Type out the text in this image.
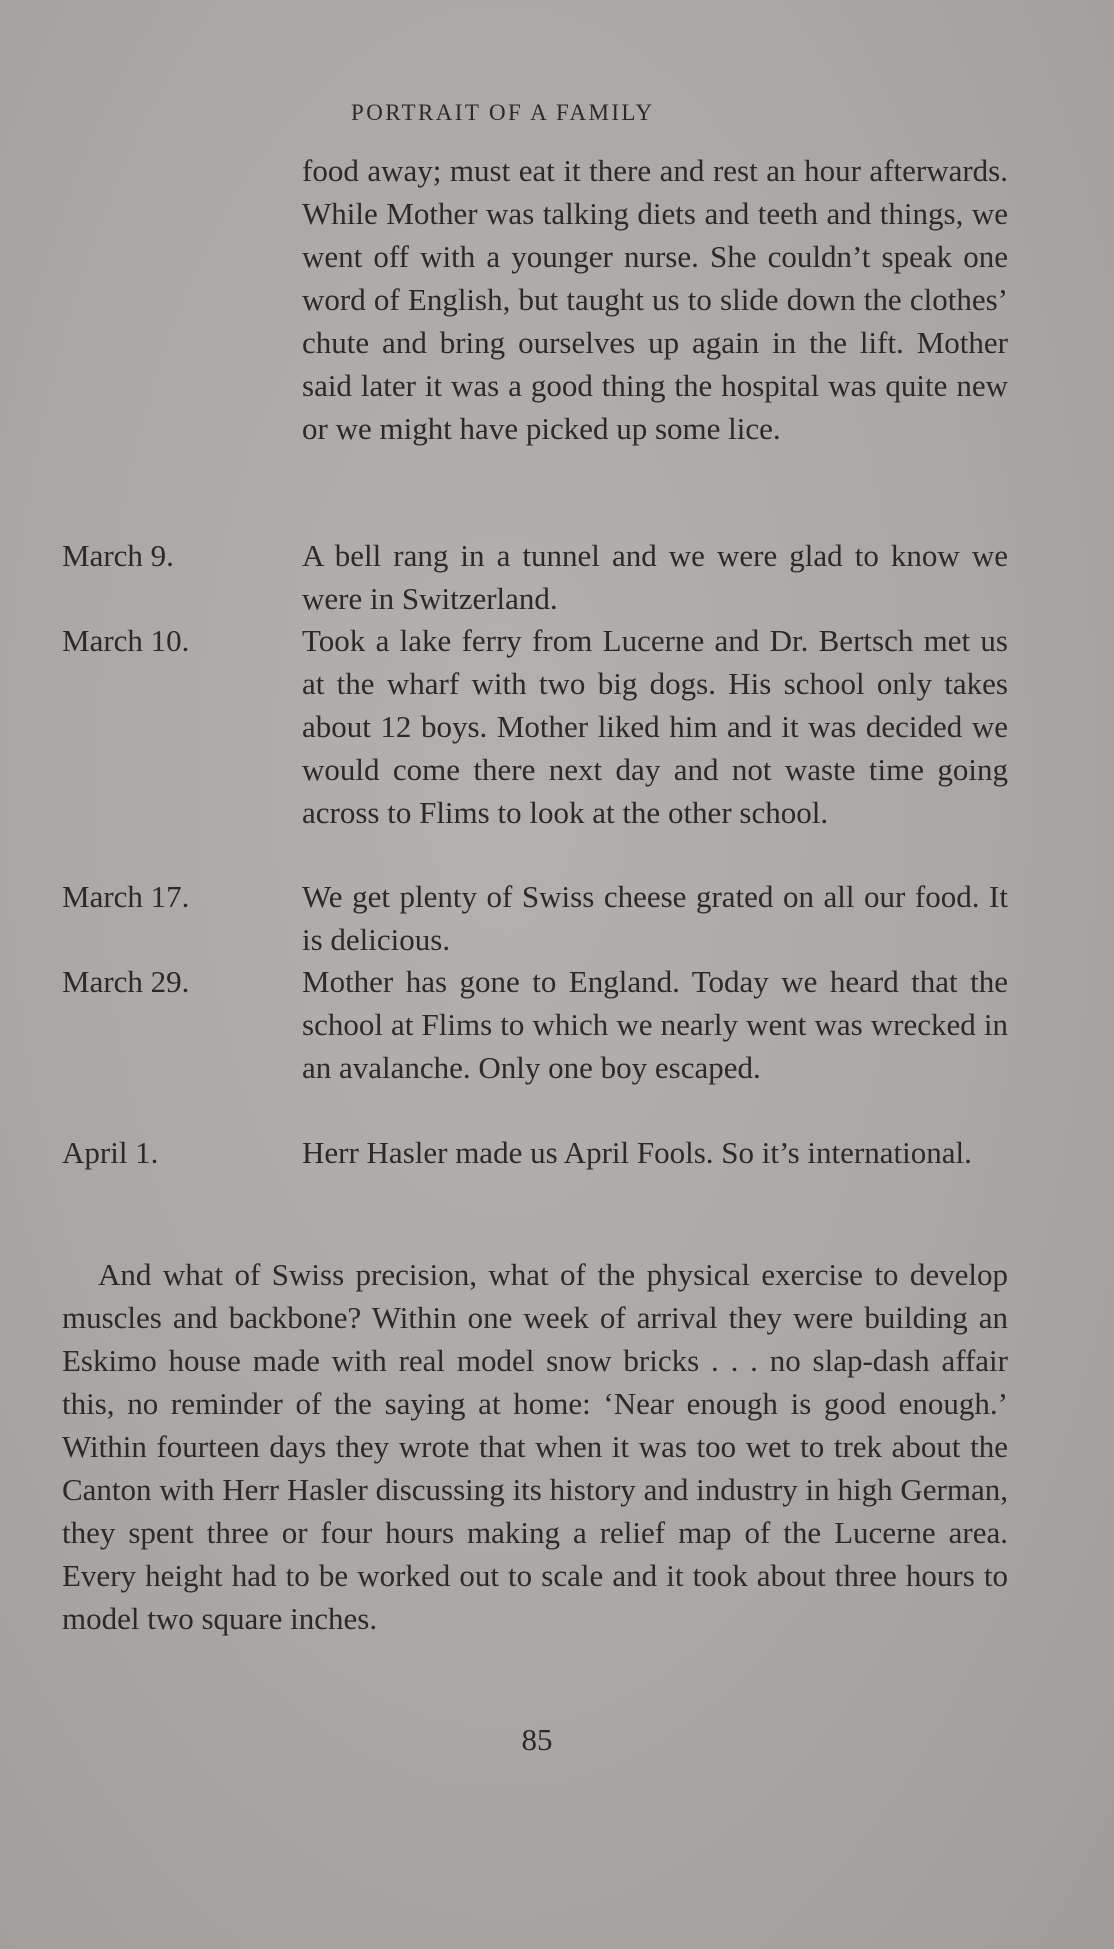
PORTRAIT OF A FAMILY
food away; must eat it there and rest an hour afterwards. While Mother was talking diets and teeth and things, we went off with a younger nurse. She couldn’t speak one word of English, but taught us to slide down the clothes’ chute and bring ourselves up again in the lift. Mother said later it was a good thing the hospital was quite new or we might have picked up some lice.
March 9.	A bell rang in a tunnel and we were glad to know we were in Switzerland.
March 10.	Took a lake ferry from Lucerne and Dr. Bertsch met us at the wharf with two big dogs. His school only takes about 12 boys. Mother liked him and it was decided we would come there next day and not waste time going across to Flims to look at the other school.
March 17.	We get plenty of Swiss cheese grated on all our food. It is delicious.
March 29.	Mother has gone to England. Today we heard that the school at Flims to which we nearly went was wrecked in an avalanche. Only one boy escaped.
April 1.	Herr Hasler made us April Fools. So it’s international.
And what of Swiss precision, what of the physical exercise to develop muscles and backbone? Within one week of arrival they were building an Eskimo house made with real model snow bricks . . . no slap-dash affair this, no reminder of the saying at home: ‘Near enough is good enough.’ Within fourteen days they wrote that when it was too wet to trek about the Canton with Herr Hasler discussing its history and industry in high German, they spent three or four hours making a relief map of the Lucerne area. Every height had to be worked out to scale and it took about three hours to model two square inches.
85
